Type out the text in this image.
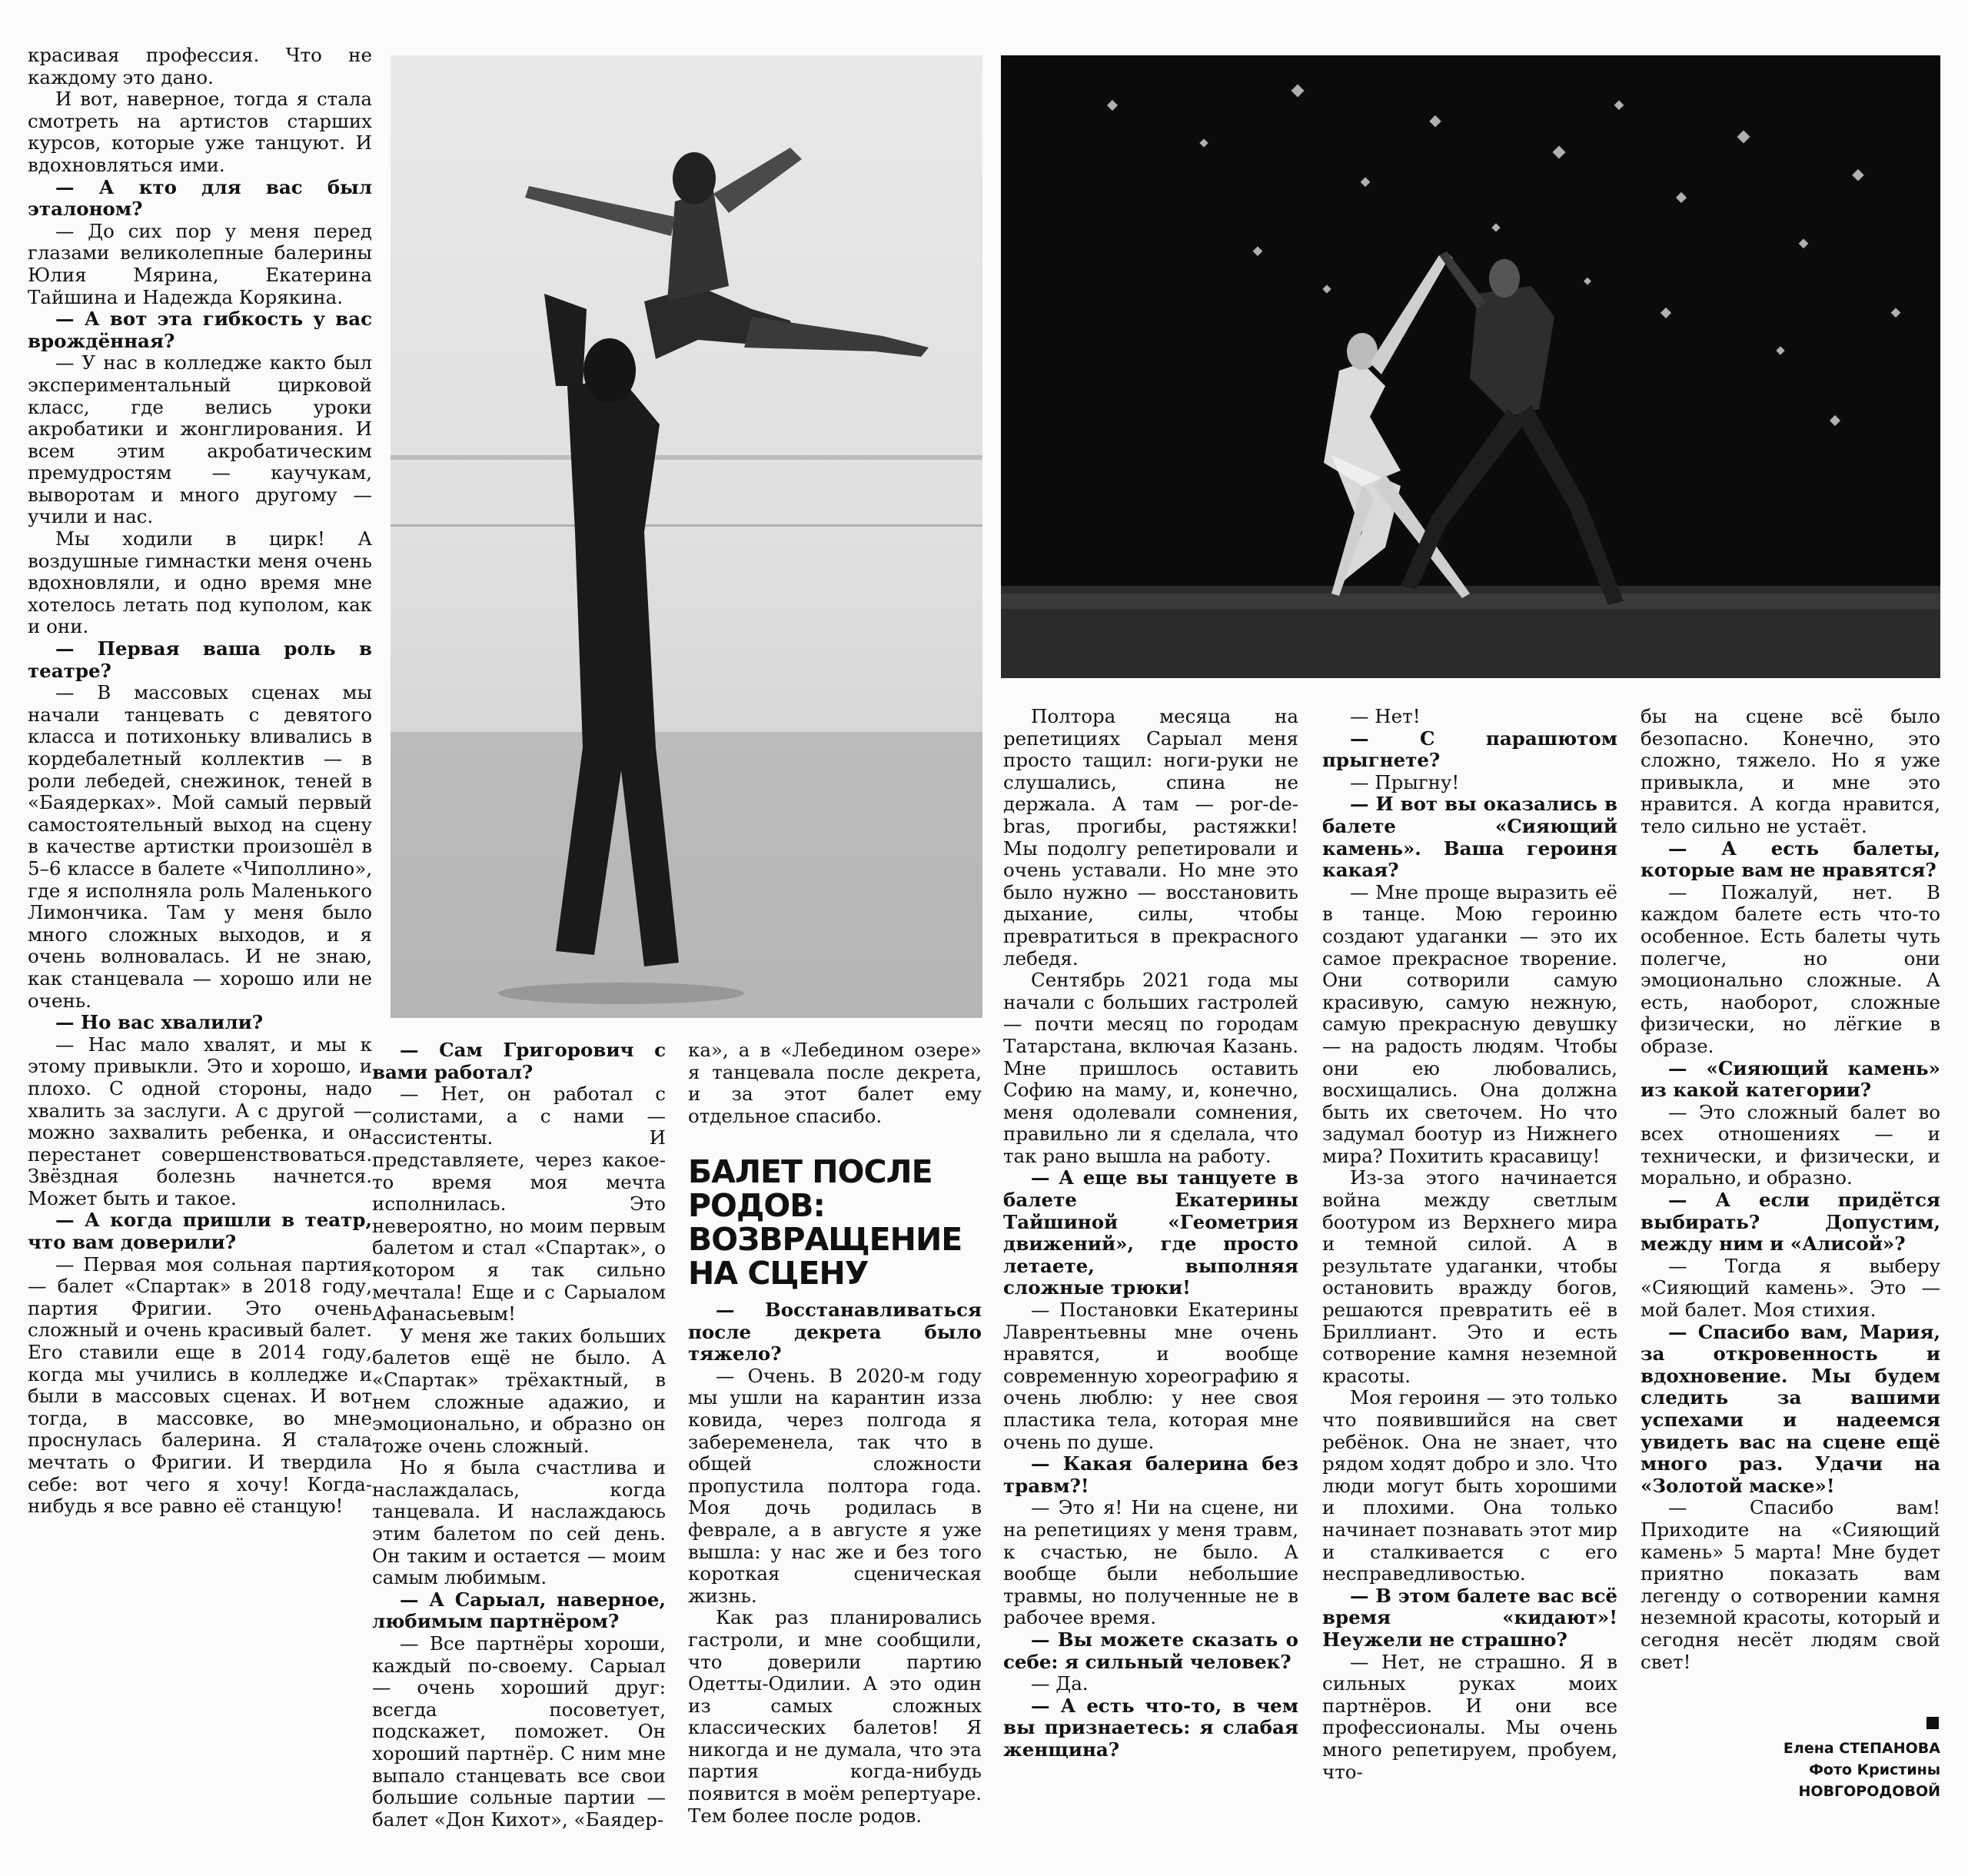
красивая профессия. Что не каждому это дано.

И вот, наверное, тогда я стала смотреть на артистов старших курсов, которые уже танцуют. И вдохновляться ими.

— А кто для вас был эталоном?

— До сих пор у меня перед глазами великолепные балерины Юлия Мярина, Екатерина Тайшина и Надежда Корякина.

— А вот эта гибкость у вас врождённая?

— У нас в колледже както был экспериментальный цирковой класс, где велись уроки акробатики и жонглирования. И всем этим акробатическим премудростям — каучукам, выворотам и много другому — учили и нас.

Мы ходили в цирк! А воздушные гимнастки меня очень вдохновляли, и одно время мне хотелось летать под куполом, как и они.

— Первая ваша роль в театре?

— В массовых сценах мы начали танцевать с девятого класса и потихоньку вливались в кордебалетный коллектив — в роли лебедей, снежинок, теней в «Баядерках». Мой самый первый самостоятельный выход на сцену в качестве артистки произошёл в 5–6 классе в балете «Чиполлино», где я исполняла роль Маленького Лимончика. Там у меня было много сложных выходов, и я очень волновалась. И не знаю, как станцевала — хорошо или не очень.

— Но вас хвалили?

— Нас мало хвалят, и мы к этому привыкли. Это и хорошо, и плохо. С одной стороны, надо хвалить за заслуги. А с другой — можно захвалить ребенка, и он перестанет совершенствоваться. Звёздная болезнь начнется. Может быть и такое.

— А когда пришли в театр, что вам доверили?

— Первая моя сольная партия — балет «Спартак» в 2018 году, партия Фригии. Это очень сложный и очень красивый балет. Его ставили еще в 2014 году, когда мы учились в колледже и были в массовых сценах. И вот тогда, в массовке, во мне проснулась балерина. Я стала мечтать о Фригии. И твердила себе: вот чего я хочу! Когда-нибудь я все равно её станцую!

— Сам Григорович с вами работал?

— Нет, он работал с солистами, а с нами — ассистенты. И представляете, через какое-то время моя мечта исполнилась. Это невероятно, но моим первым балетом и стал «Спартак», о котором я так сильно мечтала! Еще и с Сарыалом Афанасьевым!

У меня же таких больших балетов ещё не было. А «Спартак» трёхактный, в нем сложные адажио, и эмоционально, и образно он тоже очень сложный.

Но я была счастлива и наслаждалась, когда танцевала. И наслаждаюсь этим балетом по сей день. Он таким и остается — моим самым любимым.

— А Сарыал, наверное, любимым партнёром?

— Все партнёры хороши, каждый по-своему. Сарыал — очень хороший друг: всегда посоветует, подскажет, поможет. Он хороший партнёр. С ним мне выпало станцевать все свои большие сольные партии — балет «Дон Кихот», «Баядер-

ка», а в «Лебедином озере» я танцевала после декрета, и за этот балет ему отдельное спасибо.

БАЛЕТ ПОСЛЕ РОДОВ: ВОЗВРАЩЕНИЕ НА СЦЕНУ

— Восстанавливаться после декрета было тяжело?

— Очень. В 2020-м году мы ушли на карантин изза ковида, через полгода я забеременела, так что в общей сложности пропустила полтора года. Моя дочь родилась в феврале, а в августе я уже вышла: у нас же и без того короткая сценическая жизнь.

Как раз планировались гастроли, и мне сообщили, что доверили партию Одетты-Одилии. А это один из самых сложных классических балетов! Я никогда и не думала, что эта партия когда-нибудь появится в моём репертуаре. Тем более после родов.

Полтора месяца на репетициях Сарыал меня просто тащил: ноги-руки не слушались, спина не держала. А там — por-de-bras, прогибы, растяжки! Мы подолгу репетировали и очень уставали. Но мне это было нужно — восстановить дыхание, силы, чтобы превратиться в прекрасного лебедя.

Сентябрь 2021 года мы начали с больших гастролей — почти месяц по городам Татарстана, включая Казань. Мне пришлось оставить Софию на маму, и, конечно, меня одолевали сомнения, правильно ли я сделала, что так рано вышла на работу.

— А еще вы танцуете в балете Екатерины Тайшиной «Геометрия движений», где просто летаете, выполняя сложные трюки!

— Постановки Екатерины Лаврентьевны мне очень нравятся, и вообще современную хореографию я очень люблю: у нее своя пластика тела, которая мне очень по душе.

— Какая балерина без травм?!

— Это я! Ни на сцене, ни на репетициях у меня травм, к счастью, не было. А вообще были небольшие травмы, но полученные не в рабочее время.

— Вы можете сказать о себе: я сильный человек?

— Да.

— А есть что-то, в чем вы признаетесь: я слабая женщина?

— Нет!

— С парашютом прыгнете?

— Прыгну!

— И вот вы оказались в балете «Сияющий камень». Ваша героиня какая?

— Мне проще выразить её в танце. Мою героиню создают удаганки — это их самое прекрасное творение. Они сотворили самую красивую, самую нежную, самую прекрасную девушку — на радость людям. Чтобы они ею любовались, восхищались. Она должна быть их светочем. Но что задумал боотур из Нижнего мира? Похитить красавицу!

Из-за этого начинается война между светлым боотуром из Верхнего мира и темной силой. А в результате удаганки, чтобы остановить вражду богов, решаются превратить её в Бриллиант. Это и есть сотворение камня неземной красоты.

Моя героиня — это только что появившийся на свет ребёнок. Она не знает, что рядом ходят добро и зло. Что люди могут быть хорошими и плохими. Она только начинает познавать этот мир и сталкивается с его несправедливостью.

— В этом балете вас всё время «кидают»! Неужели не страшно?

— Нет, не страшно. Я в сильных руках моих партнёров. И они все профессионалы. Мы очень много репетируем, пробуем, что-

бы на сцене всё было безопасно. Конечно, это сложно, тяжело. Но я уже привыкла, и мне это нравится. А когда нравится, тело сильно не устаёт.

— А есть балеты, которые вам не нравятся?

— Пожалуй, нет. В каждом балете есть что-то особенное. Есть балеты чуть полегче, но они эмоционально сложные. А есть, наоборот, сложные физически, но лёгкие в образе.

— «Сияющий камень» из какой категории?

— Это сложный балет во всех отношениях — и технически, и физически, и морально, и образно.

— А если придётся выбирать? Допустим, между ним и «Алисой»?

— Тогда я выберу «Сияющий камень». Это — мой балет. Моя стихия.

— Спасибо вам, Мария, за откровенность и вдохновение. Мы будем следить за вашими успехами и надеемся увидеть вас на сцене ещё много раз. Удачи на «Золотой маске»!

— Спасибо вам! Приходите на «Сияющий камень» 5 марта! Мне будет приятно показать вам легенду о сотворении камня неземной красоты, который и сегодня несёт людям свой свет!

Елена СТЕПАНОВА
Фото Кристины
НОВГОРОДОВОЙ
